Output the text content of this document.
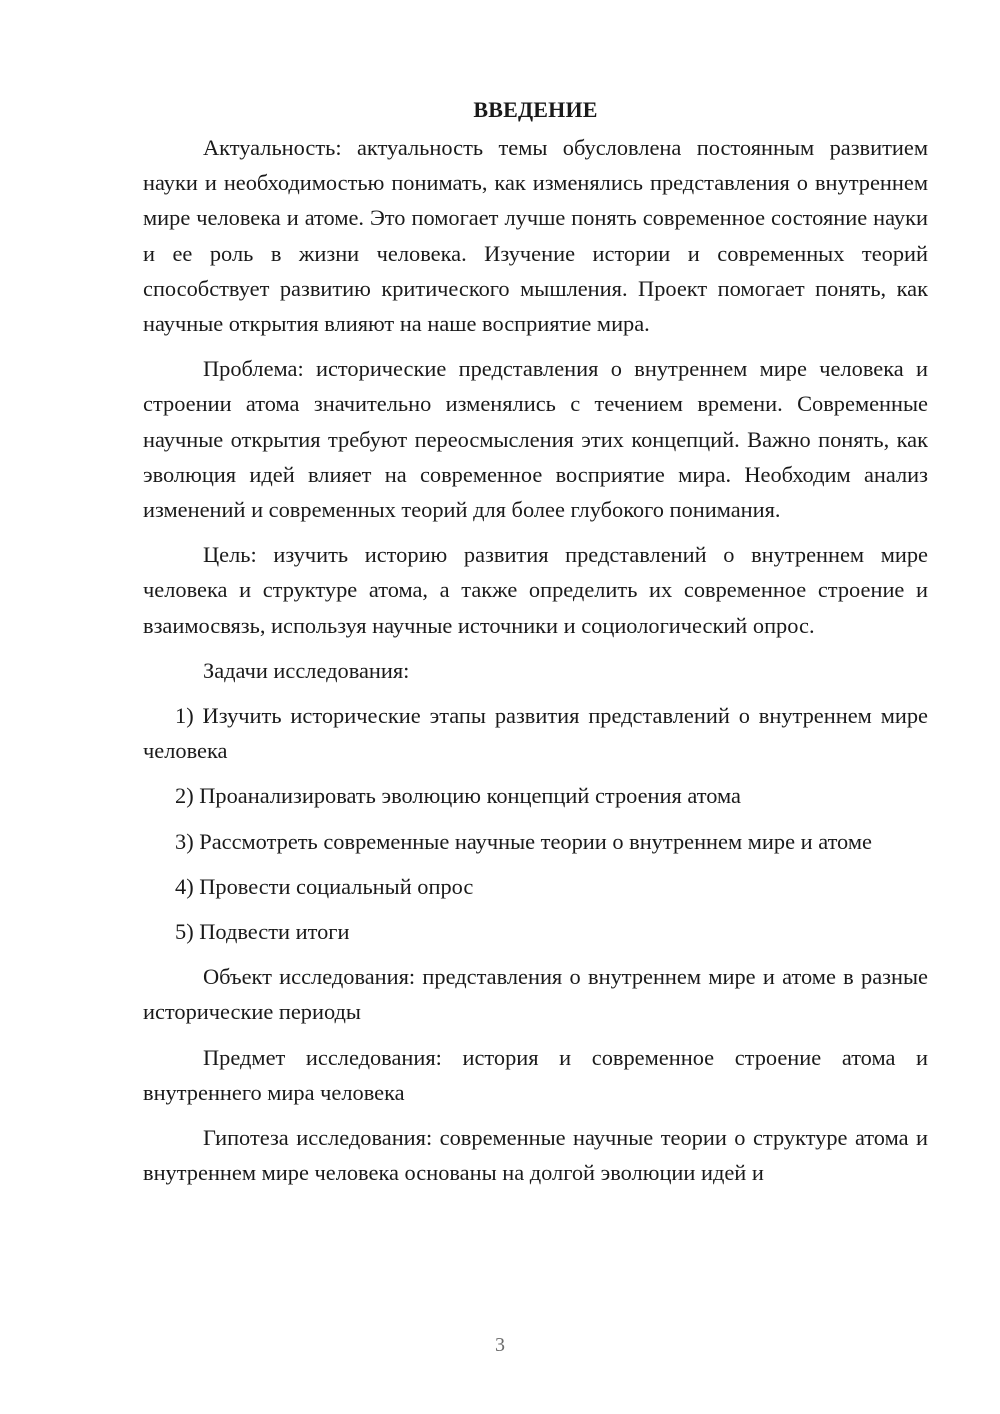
ВВЕДЕНИЕ

Актуальность: актуальность темы обусловлена постоянным развитием науки и необходимостью понимать, как изменялись представления о внутреннем мире человека и атоме. Это помогает лучше понять современное состояние науки и ее роль в жизни человека. Изучение истории и современных теорий способствует развитию критического мышления. Проект помогает понять, как научные открытия влияют на наше восприятие мира.

Проблема: исторические представления о внутреннем мире человека и строении атома значительно изменялись с течением времени. Современные научные открытия требуют переосмысления этих концепций. Важно понять, как эволюция идей влияет на современное восприятие мира. Необходим анализ изменений и современных теорий для более глубокого понимания.

Цель: изучить историю развития представлений о внутреннем мире человека и структуре атома, а также определить их современное строение и взаимосвязь, используя научные источники и социологический опрос.

Задачи исследования:

1) Изучить исторические этапы развития представлений о внутреннем мире человека

2) Проанализировать эволюцию концепций строения атома

3) Рассмотреть современные научные теории о внутреннем мире и атоме

4) Провести социальный опрос

5) Подвести итоги

Объект исследования: представления о внутреннем мире и атоме в разные исторические периоды

Предмет исследования: история и современное строение атома и внутреннего мира человека

Гипотеза исследования: современные научные теории о структуре атома и внутреннем мире человека основаны на долгой эволюции идей и

3
